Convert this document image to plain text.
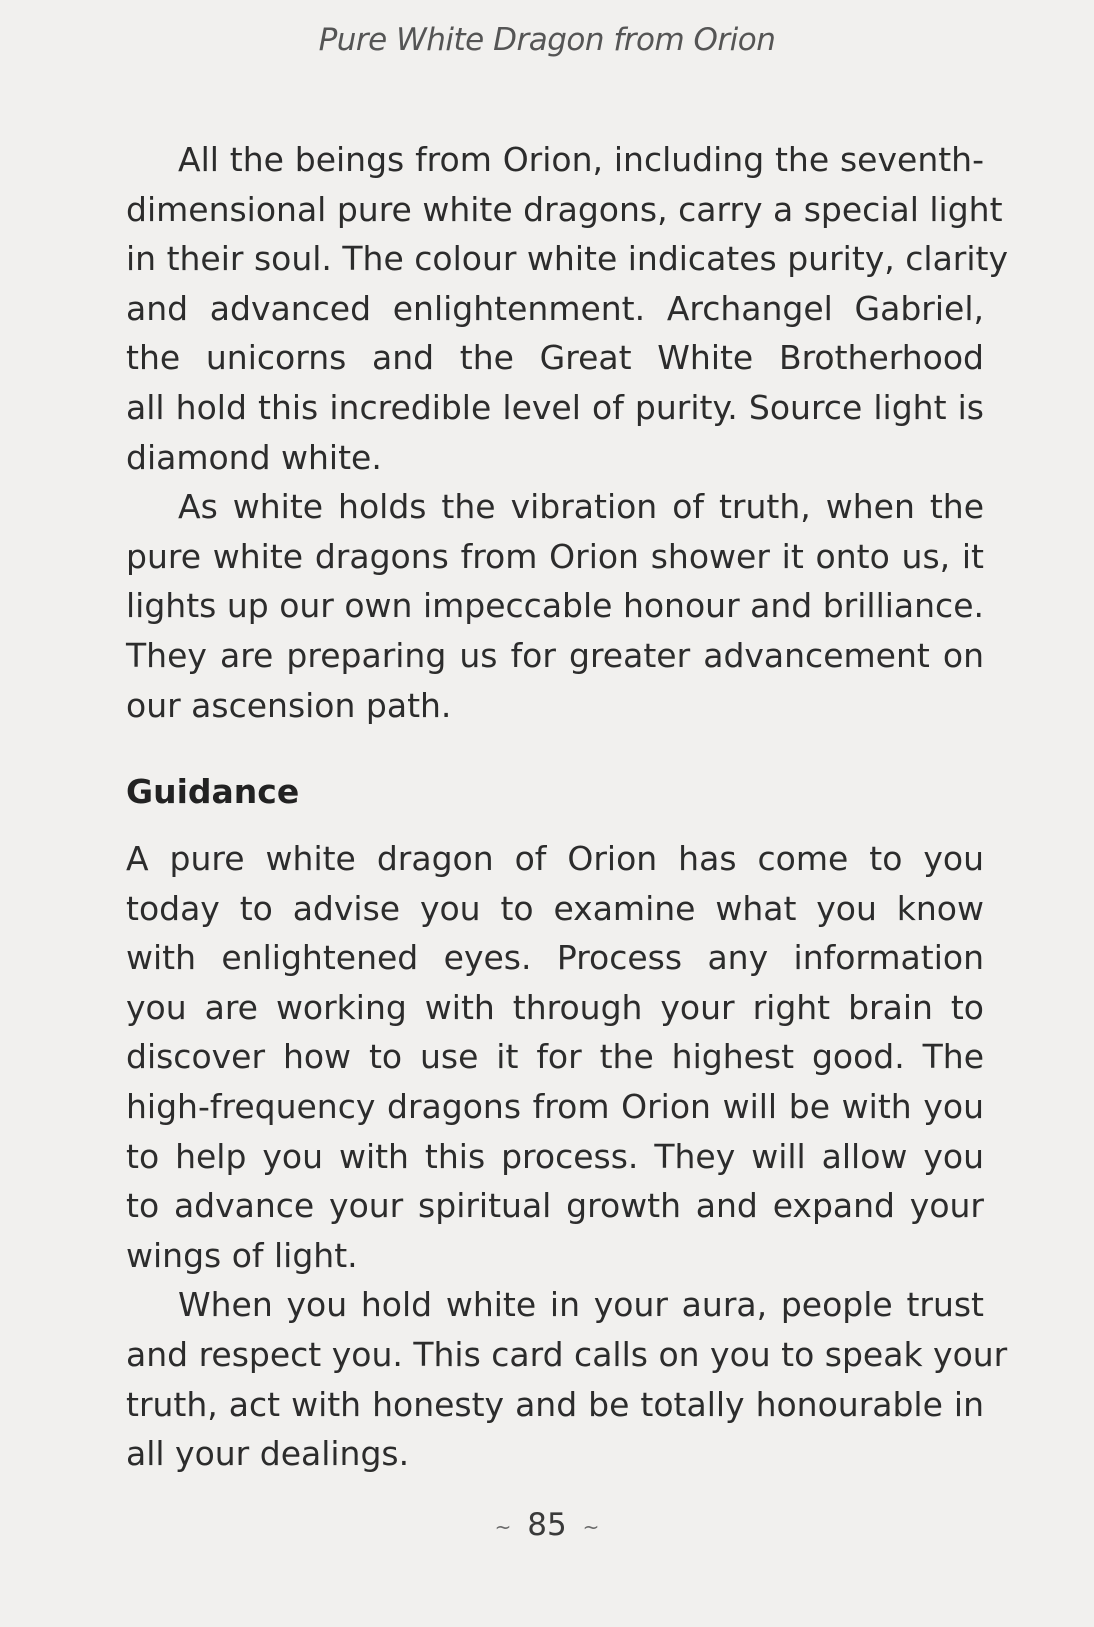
Pure White Dragon from Orion
All the beings from Orion, including the seventh-
dimensional pure white dragons, carry a special light
in their soul. The colour white indicates purity, clarity
and advanced enlightenment. Archangel Gabriel,
the unicorns and the Great White Brotherhood
all hold this incredible level of purity. Source light is
diamond white.
As white holds the vibration of truth, when the
pure white dragons from Orion shower it onto us, it
lights up our own impeccable honour and brilliance.
They are preparing us for greater advancement on
our ascension path.
Guidance
A pure white dragon of Orion has come to you
today to advise you to examine what you know
with enlightened eyes. Process any information
you are working with through your right brain to
discover how to use it for the highest good. The
high-frequency dragons from Orion will be with you
to help you with this process. They will allow you
to advance your spiritual growth and expand your
wings of light.
When you hold white in your aura, people trust
and respect you. This card calls on you to speak your
truth, act with honesty and be totally honourable in
all your dealings.
~ 85 ~
